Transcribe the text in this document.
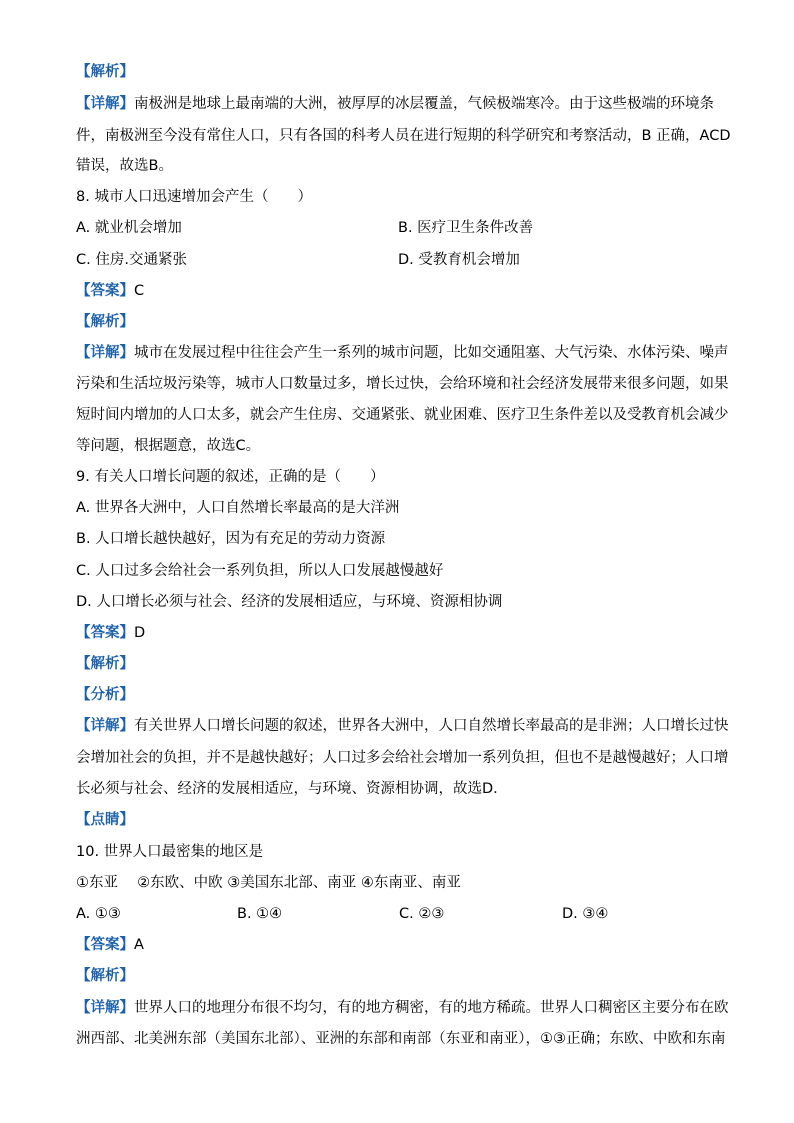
【解析】
【详解】南极洲是地球上最南端的大洲，被厚厚的冰层覆盖，气候极端寒冷。由于这些极端的环境条
件，南极洲至今没有常住人口，只有各国的科考人员在进行短期的科学研究和考察活动，B 正确，ACD
错误，故选B。
8. 城市人口迅速增加会产生（　　）
A. 就业机会增加	B. 医疗卫生条件改善
C. 住房.交通紧张	D. 受教育机会增加
【答案】C
【解析】
【详解】城市在发展过程中往往会产生一系列的城市问题，比如交通阻塞、大气污染、水体污染、噪声
污染和生活垃圾污染等，城市人口数量过多，增长过快，会给环境和社会经济发展带来很多问题，如果
短时间内增加的人口太多，就会产生住房、交通紧张、就业困难、医疗卫生条件差以及受教育机会减少
等问题，根据题意，故选C。
9. 有关人口增长问题的叙述，正确的是（　　）
A. 世界各大洲中，人口自然增长率最高的是大洋洲
B. 人口增长越快越好，因为有充足的劳动力资源
C. 人口过多会给社会一系列负担，所以人口发展越慢越好
D. 人口增长必须与社会、经济的发展相适应，与环境、资源相协调
【答案】D
【解析】
【分析】
【详解】有关世界人口增长问题的叙述，世界各大洲中，人口自然增长率最高的是非洲；人口增长过快
会增加社会的负担，并不是越快越好；人口过多会给社会增加一系列负担，但也不是越慢越好；人口增
长必须与社会、经济的发展相适应，与环境、资源相协调，故选D．
【点睛】
10. 世界人口最密集的地区是
①东亚　 ②东欧、中欧 ③美国东北部、南亚 ④东南亚、南亚
A. ①③	B. ①④	C. ②③	D. ③④
【答案】A
【解析】
【详解】世界人口的地理分布很不均匀，有的地方稠密，有的地方稀疏。世界人口稠密区主要分布在欧
洲西部、北美洲东部（美国东北部）、亚洲的东部和南部（东亚和南亚），①③正确；东欧、中欧和东南
